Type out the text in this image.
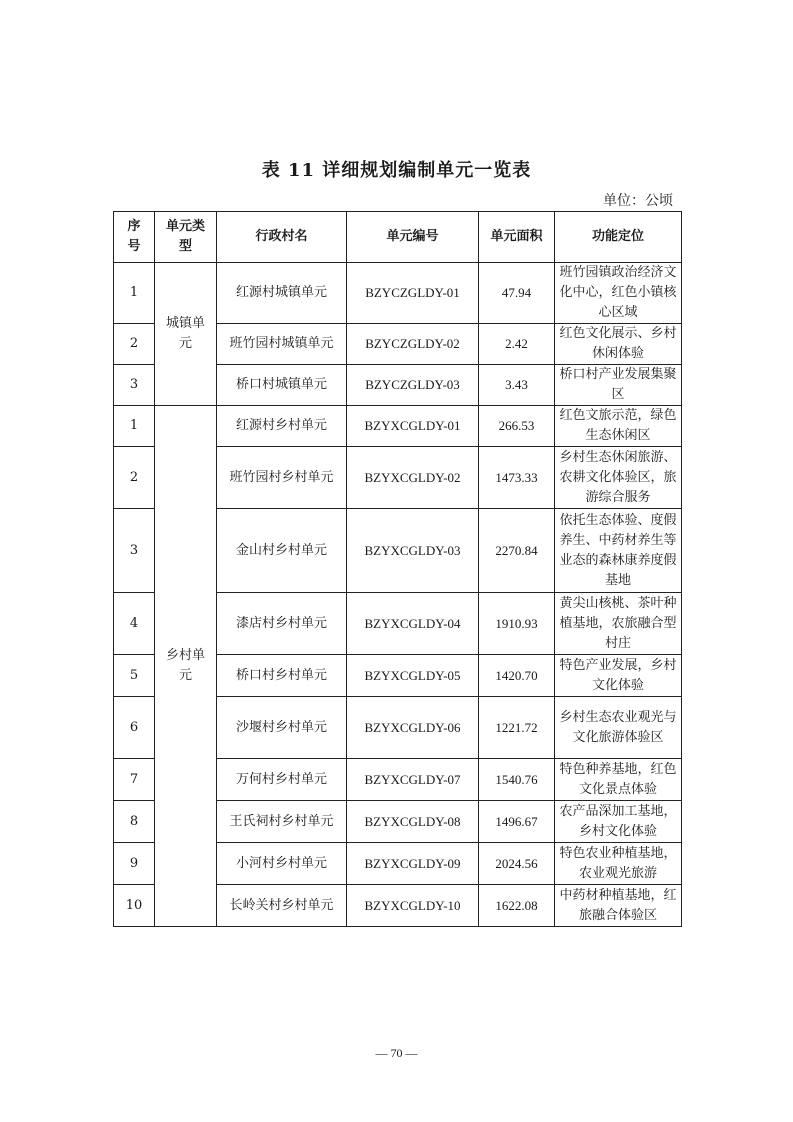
表 11 详细规划编制单元一览表
单位：公顷
序号	单元类型	行政村名	单元编号	单元面积	功能定位
1	城镇单元	红源村城镇单元	BZYCZGLDY-01	47.94	班竹园镇政治经济文化中心，红色小镇核心区域
2		班竹园村城镇单元	BZYCZGLDY-02	2.42	红色文化展示、乡村休闲体验
3		桥口村城镇单元	BZYCZGLDY-03	3.43	桥口村产业发展集聚区
1	乡村单元	红源村乡村单元	BZYXCGLDY-01	266.53	红色文旅示范，绿色生态休闲区
2		班竹园村乡村单元	BZYXCGLDY-02	1473.33	乡村生态休闲旅游、农耕文化体验区，旅游综合服务
3		金山村乡村单元	BZYXCGLDY-03	2270.84	依托生态体验、度假养生、中药材养生等业态的森林康养度假基地
4		漆店村乡村单元	BZYXCGLDY-04	1910.93	黄尖山核桃、茶叶种植基地，农旅融合型村庄
5		桥口村乡村单元	BZYXCGLDY-05	1420.70	特色产业发展，乡村文化体验
6		沙堰村乡村单元	BZYXCGLDY-06	1221.72	乡村生态农业观光与文化旅游体验区
7		万何村乡村单元	BZYXCGLDY-07	1540.76	特色种养基地，红色文化景点体验
8		王氏祠村乡村单元	BZYXCGLDY-08	1496.67	农产品深加工基地，乡村文化体验
9		小河村乡村单元	BZYXCGLDY-09	2024.56	特色农业种植基地，农业观光旅游
10		长岭关村乡村单元	BZYXCGLDY-10	1622.08	中药材种植基地，红旅融合体验区
— 70 —
